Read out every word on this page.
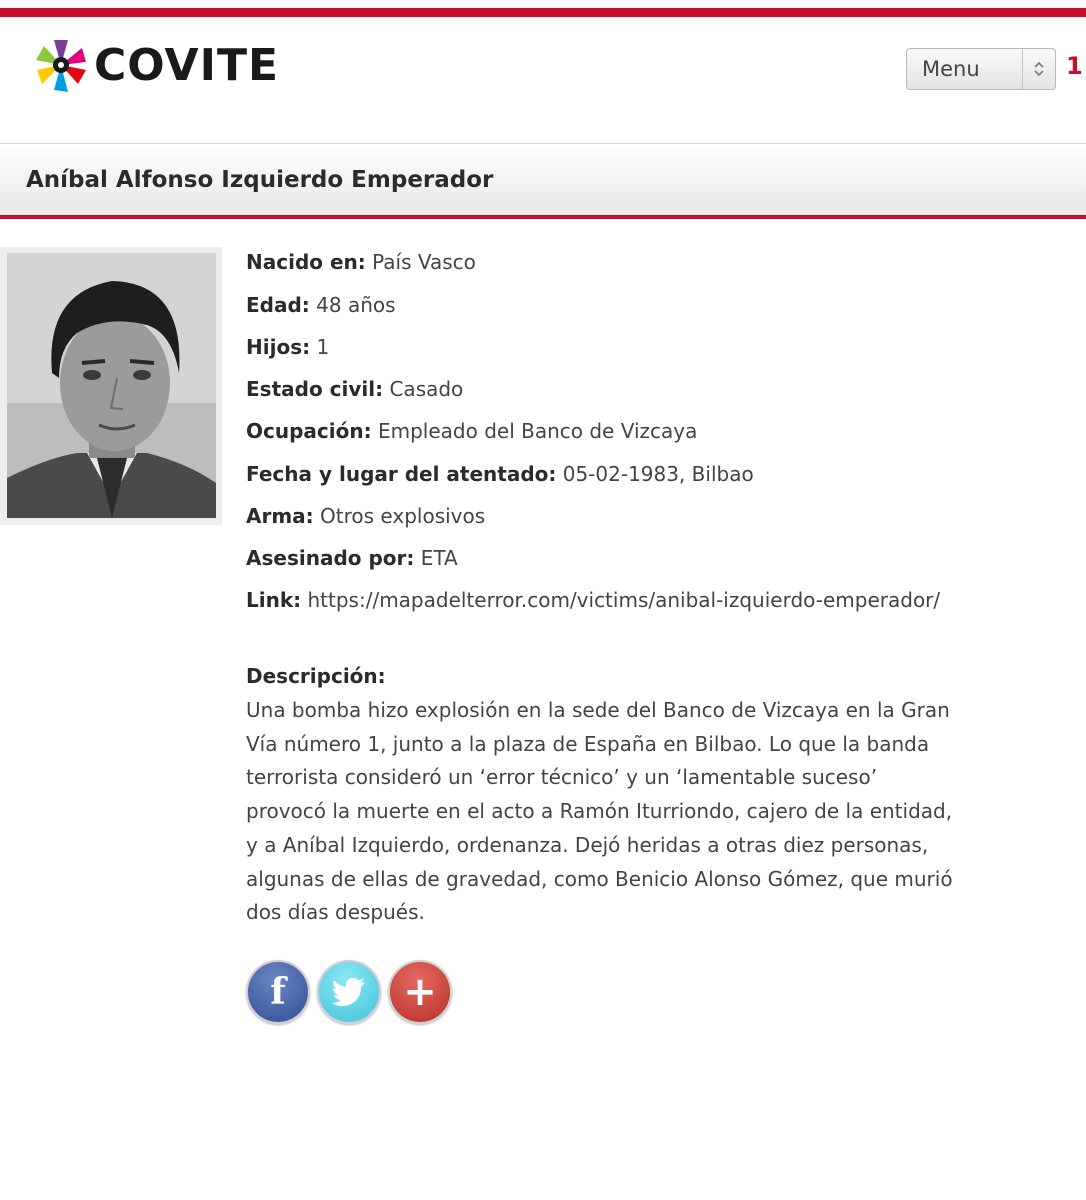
COVITE	Menu	1
Aníbal Alfonso Izquierdo Emperador
Nacido en: País Vasco
Edad: 48 años
Hijos: 1
Estado civil: Casado
Ocupación: Empleado del Banco de Vizcaya
Fecha y lugar del atentado: 05-02-1983, Bilbao
Arma: Otros explosivos
Asesinado por: ETA
Link: https://mapadelterror.com/victims/anibal-izquierdo-emperador/
Descripción:

Una bomba hizo explosión en la sede del Banco de Vizcaya en la Gran Vía número 1, junto a la plaza de España en Bilbao. Lo que la banda terrorista consideró un ‘error técnico’ y un ‘lamentable suceso’ provocó la muerte en el acto a Ramón Iturriondo, cajero de la entidad, y a Aníbal Izquierdo, ordenanza. Dejó heridas a otras diez personas, algunas de ellas de gravedad, como Benicio Alonso Gómez, que murió dos días después.

f	+
